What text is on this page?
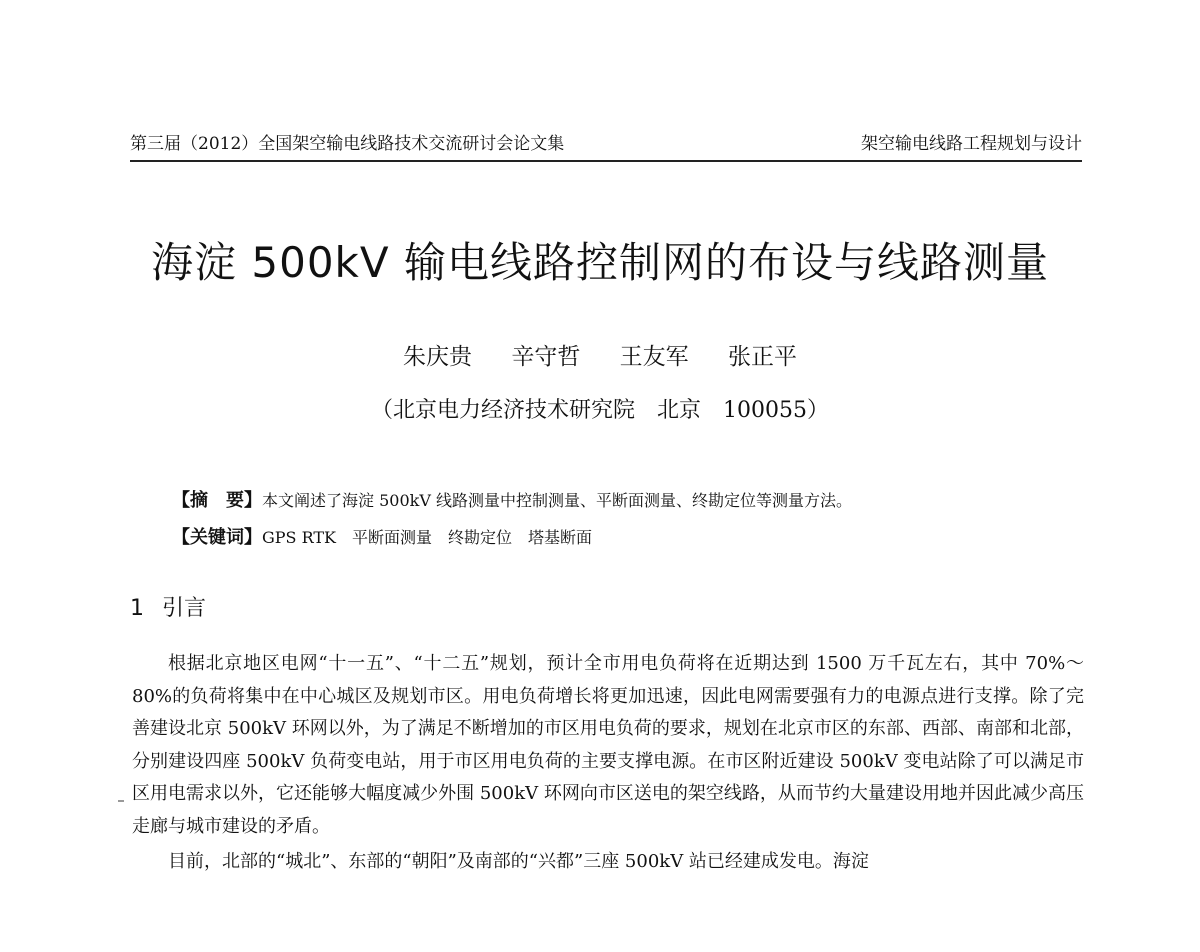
第三届（2012）全国架空输电线路技术交流研讨会论文集	架空输电线路工程规划与设计
海淀 500kV 输电线路控制网的布设与线路测量
朱庆贵 辛守哲 王友军 张正平
（北京电力经济技术研究院　北京　100055）
【摘　要】本文阐述了海淀 500kV 线路测量中控制测量、平断面测量、终勘定位等测量方法。
【关键词】GPS RTK　平断面测量　终勘定位　塔基断面
1 引言

根据北京地区电网“十一五”、“十二五”规划，预计全市用电负荷将在近期达到 1500 万千瓦左右，其中 70%～80%的负荷将集中在中心城区及规划市区。用电负荷增长将更加迅速，因此电网需要强有力的电源点进行支撑。除了完善建设北京 500kV 环网以外，为了满足不断增加的市区用电负荷的要求，规划在北京市区的东部、西部、南部和北部，分别建设四座 500kV 负荷变电站，用于市区用电负荷的主要支撑电源。在市区附近建设 500kV 变电站除了可以满足市区用电需求以外，它还能够大幅度减少外围 500kV 环网向市区送电的架空线路，从而节约大量建设用地并因此减少高压走廊与城市建设的矛盾。

目前，北部的“城北”、东部的“朝阳”及南部的“兴都”三座 500kV 站已经建成发电。海淀
